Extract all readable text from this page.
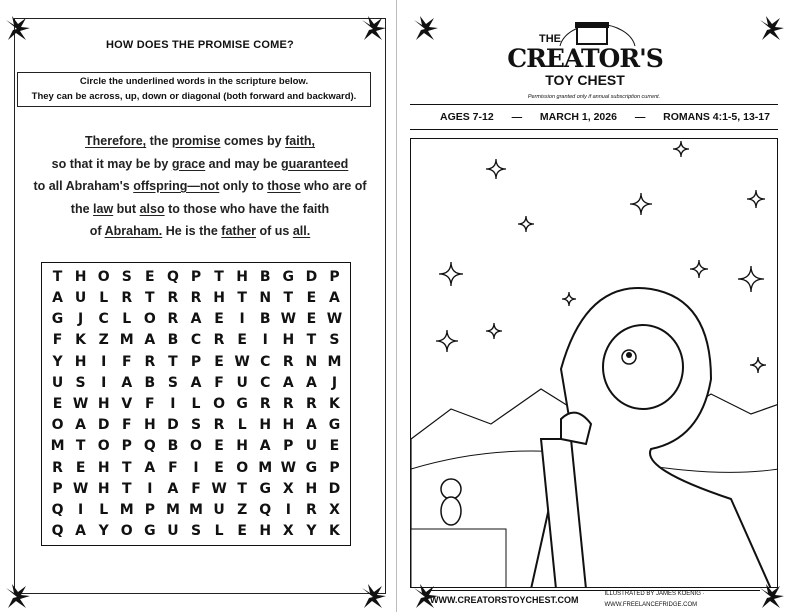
HOW DOES THE PROMISE COME?
Circle the underlined words in the scripture below.
They can be across, up, down or diagonal (both forward and backward).
Therefore, the promise comes by faith,
so that it may be by grace and may be guaranteed
to all Abraham's offspring—not only to those who are of
the law but also to those who have the faith
of Abraham. He is the father of us all.
T H O S E Q P T H B G D P
A U L R T R R H T N T E A
G	J	C L O R A E	I	B W E W
F K Z M A B C R E	I	H T S
Y H	I	F R T P E W C R N M
U S	I	A B S A F U C A A	J
E W H V F	I	L O G R R R K
O A D F H D S R L H H A G
M T O P Q B O E H A P U E
R E H T A F	I	E O M W G P
P W H T	I	A F W T G X H D
Q	I	L M P M M U Z Q	I	R X
Q A Y O G U S L E H X Y K
THE
CREATOR'S
TOY CHEST
Permission granted only if annual subscription current.
AGES 7-12 — MARCH 1, 2026 — ROMANS 4:1-5, 13-17
WWW.CREATORSTOYCHEST.COM
ILLUSTRATED BY JAMES KOENIG · WWW.FREELANCEFRIDGE.COM
